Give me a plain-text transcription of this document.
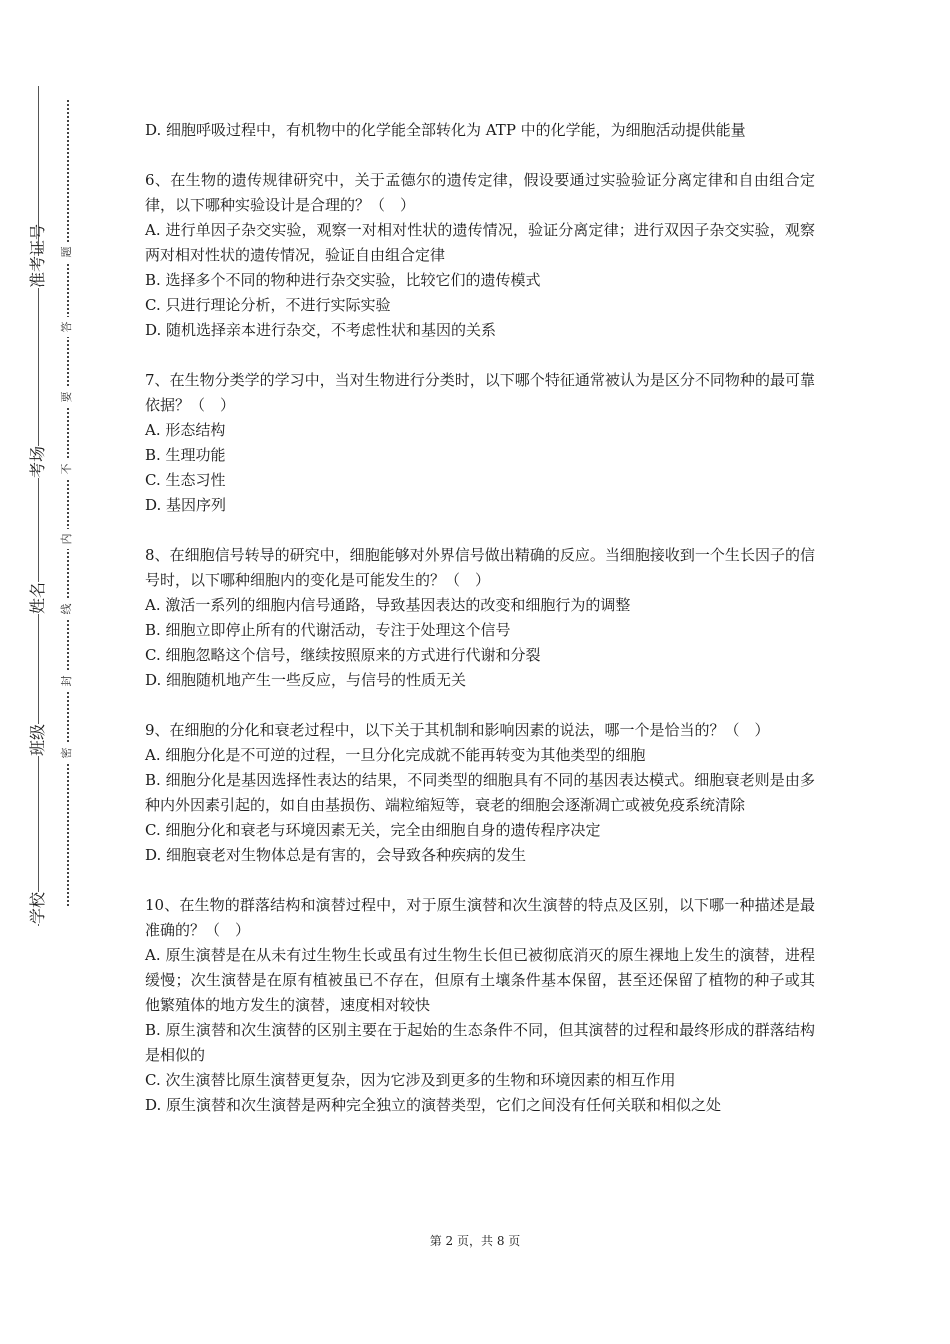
准考证号
考场
姓名
班级
学校
题
答
要
不
内
线
封
密

D. 细胞呼吸过程中，有机物中的化学能全部转化为 ATP 中的化学能，为细胞活动提供能量

6、在生物的遗传规律研究中，关于孟德尔的遗传定律，假设要通过实验验证分离定律和自由组合定律，以下哪种实验设计是合理的？（　）

A. 进行单因子杂交实验，观察一对相对性状的遗传情况，验证分离定律；进行双因子杂交实验，观察两对相对性状的遗传情况，验证自由组合定律

B. 选择多个不同的物种进行杂交实验，比较它们的遗传模式

C. 只进行理论分析，不进行实际实验

D. 随机选择亲本进行杂交，不考虑性状和基因的关系

7、在生物分类学的学习中，当对生物进行分类时，以下哪个特征通常被认为是区分不同物种的最可靠依据？（　）

A. 形态结构

B. 生理功能

C. 生态习性

D. 基因序列

8、在细胞信号转导的研究中，细胞能够对外界信号做出精确的反应。当细胞接收到一个生长因子的信号时，以下哪种细胞内的变化是可能发生的？（　）

A. 激活一系列的细胞内信号通路，导致基因表达的改变和细胞行为的调整

B. 细胞立即停止所有的代谢活动，专注于处理这个信号

C. 细胞忽略这个信号，继续按照原来的方式进行代谢和分裂

D. 细胞随机地产生一些反应，与信号的性质无关

9、在细胞的分化和衰老过程中，以下关于其机制和影响因素的说法，哪一个是恰当的？（　）

A. 细胞分化是不可逆的过程，一旦分化完成就不能再转变为其他类型的细胞

B. 细胞分化是基因选择性表达的结果，不同类型的细胞具有不同的基因表达模式。细胞衰老则是由多种内外因素引起的，如自由基损伤、端粒缩短等，衰老的细胞会逐渐凋亡或被免疫系统清除

C. 细胞分化和衰老与环境因素无关，完全由细胞自身的遗传程序决定

D. 细胞衰老对生物体总是有害的，会导致各种疾病的发生

10、在生物的群落结构和演替过程中，对于原生演替和次生演替的特点及区别，以下哪一种描述是最准确的？（　）

A. 原生演替是在从未有过生物生长或虽有过生物生长但已被彻底消灭的原生裸地上发生的演替，进程缓慢；次生演替是在原有植被虽已不存在，但原有土壤条件基本保留，甚至还保留了植物的种子或其他繁殖体的地方发生的演替，速度相对较快

B. 原生演替和次生演替的区别主要在于起始的生态条件不同，但其演替的过程和最终形成的群落结构是相似的

C. 次生演替比原生演替更复杂，因为它涉及到更多的生物和环境因素的相互作用

D. 原生演替和次生演替是两种完全独立的演替类型，它们之间没有任何关联和相似之处

第 2 页，共 8 页
